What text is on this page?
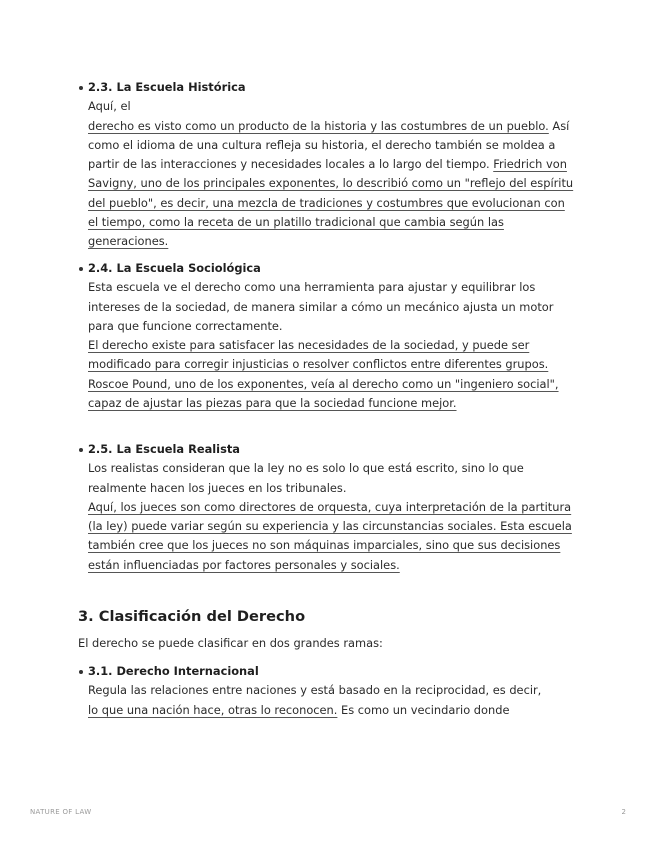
2.3. La Escuela Histórica
Aquí, el
derecho es visto como un producto de la historia y las costumbres de un pueblo. Así como el idioma de una cultura refleja su historia, el derecho también se moldea a partir de las interacciones y necesidades locales a lo largo del tiempo. Friedrich von Savigny, uno de los principales exponentes, lo describió como un "reflejo del espíritu del pueblo", es decir, una mezcla de tradiciones y costumbres que evolucionan con el tiempo, como la receta de un platillo tradicional que cambia según las generaciones.
2.4. La Escuela Sociológica
Esta escuela ve el derecho como una herramienta para ajustar y equilibrar los intereses de la sociedad, de manera similar a cómo un mecánico ajusta un motor para que funcione correctamente.
El derecho existe para satisfacer las necesidades de la sociedad, y puede ser modificado para corregir injusticias o resolver conflictos entre diferentes grupos. Roscoe Pound, uno de los exponentes, veía al derecho como un "ingeniero social", capaz de ajustar las piezas para que la sociedad funcione mejor.
2.5. La Escuela Realista
Los realistas consideran que la ley no es solo lo que está escrito, sino lo que realmente hacen los jueces en los tribunales.
Aquí, los jueces son como directores de orquesta, cuya interpretación de la partitura (la ley) puede variar según su experiencia y las circunstancias sociales. Esta escuela también cree que los jueces no son máquinas imparciales, sino que sus decisiones están influenciadas por factores personales y sociales.
3. Clasificación del Derecho

El derecho se puede clasificar en dos grandes ramas:

3.1. Derecho Internacional
Regula las relaciones entre naciones y está basado en la reciprocidad, es decir,
lo que una nación hace, otras lo reconocen. Es como un vecindario donde
NATURE OF LAW	2
